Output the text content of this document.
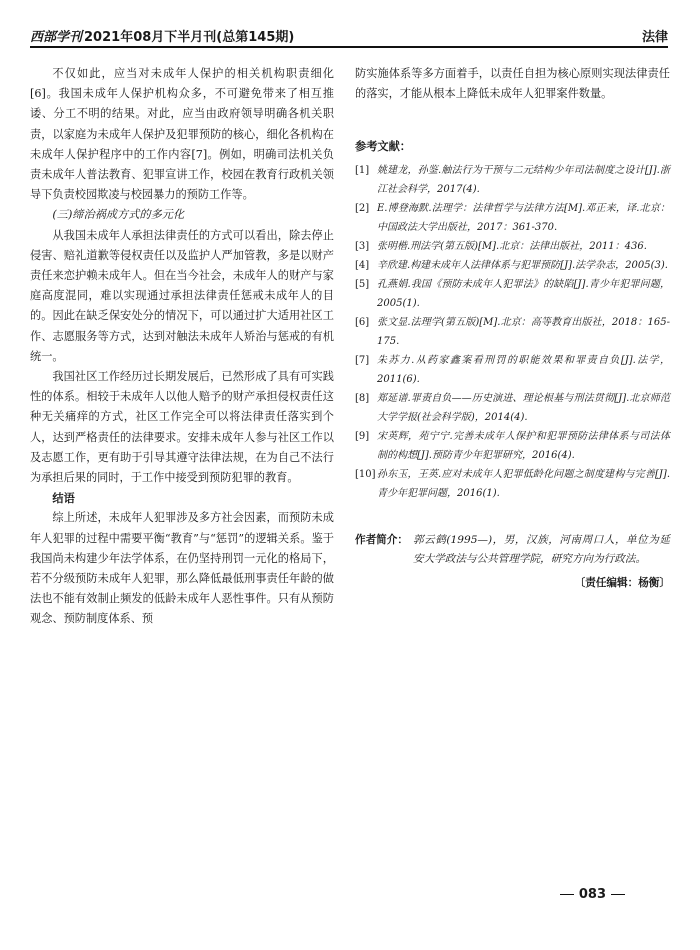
西部学刊 2021年08月下半月刊(总第145期)	法律

不仅如此，应当对未成年人保护的相关机构职责细化[6]。我国未成年人保护机构众多，不可避免带来了相互推诿、分工不明的结果。对此，应当由政府领导明确各机关职责，以家庭为未成年人保护及犯罪预防的核心，细化各机构在未成年人保护程序中的工作内容[7]。例如，明确司法机关负责未成年人普法教育、犯罪宣讲工作，校园在教育行政机关领导下负责校园欺凌与校园暴力的预防工作等。

(三)缔治祸成方式的多元化

从我国未成年人承担法律责任的方式可以看出，除去停止侵害、赔礼道歉等侵权责任以及监护人严加管教，多是以财产责任来恋护赖未成年人。但在当今社会，未成年人的财产与家庭高度混同，难以实现通过承担法律责任惩戒未成年人的目的。因此在缺乏保安处分的情况下，可以通过扩大适用社区工作、志愿服务等方式，达到对触法未成年人矫治与惩戒的有机统一。

我国社区工作经历过长期发展后，已然形成了具有可实践性的体系。相较于未成年人以他人赔予的财产承担侵权责任这种无关痛痒的方式，社区工作完全可以将法律责任落实到个人，达到严格责任的法律要求。安排未成年人参与社区工作以及志愿工作，更有助于引导其遵守法律法规，在为自己不法行为承担后果的同时，于工作中接受到预防犯罪的教育。

结语

综上所述，未成年人犯罪涉及多方社会因素，而预防未成年人犯罪的过程中需要平衡“教育”与“惩罚”的逻辑关系。鉴于我国尚未构建少年法学体系，在仍坚持刑罚一元化的格局下，若不分级预防未成年人犯罪，那么降低最低刑事责任年龄的做法也不能有效制止频发的低龄未成年人恶性事件。只有从预防观念、预防制度体系、预

防实施体系等多方面着手，以责任自担为核心原则实现法律责任的落实，才能从根本上降低未成年人犯罪案件数量。

参考文献：
[1] 姚建龙，孙鉴.触法行为干预与二元结构少年司法制度之设计[J].浙江社会科学，2017(4).
[2] E.博登海默.法理学：法律哲学与法律方法[M].邓正来，译.北京：中国政法大学出版社，2017：361-370.
[3] 张明楷.刑法学(第五版)[M].北京：法律出版社，2011：436.
[4] 辛欣建.构建未成年人法律体系与犯罪预防[J].法学杂志，2005(3).
[5] 孔燕娟.我国《预防未成年人犯罪法》的缺陷[J].青少年犯罪问题，2005(1).
[6] 张文显.法理学(第五版)[M].北京：高等教育出版社，2018：165-175.
[7] 朱苏力.从药家鑫案看刑罚的职能效果和罪责自负[J].法学，2011(6).
[8] 郑延谱.罪责自负——历史演进、理论根基与刑法贯彻[J].北京师范大学学报(社会科学版)，2014(4).
[9] 宋英辉，苑宁宁.完善未成年人保护和犯罪预防法律体系与司法体制的构想[J].预防青少年犯罪研究，2016(4).
[10] 孙东玉，王英.应对未成年人犯罪低龄化问题之制度建构与完善[J].青少年犯罪问题，2016(1).
作者简介： 郭云鹤(1995—)，男，汉族，河南周口人，单位为延安大学政法与公共管理学院，研究方向为行政法。
〔责任编辑：杨衡〕
083
